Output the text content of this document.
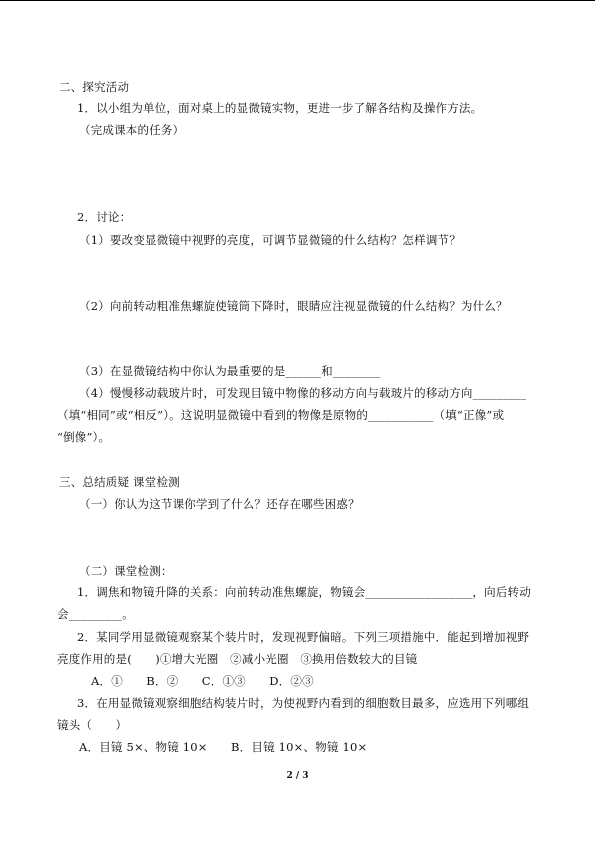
二、探究活动
1．以小组为单位，面对桌上的显微镜实物，更进一步了解各结构及操作方法。
（完成课本的任务）
2．讨论：
（1）要改变显微镜中视野的亮度，可调节显微镜的什么结构？怎样调节？
（2）向前转动粗准焦螺旋使镜筒下降时，眼睛应注视显微镜的什么结构？为什么？
（3）在显微镜结构中你认为最重要的是______和________
（4）慢慢移动载玻片时，可发现目镜中物像的移动方向与载玻片的移动方向_________
（填“相同”或“相反”）。这说明显微镜中看到的物像是原物的___________（填“正像”或
“倒像”）。
三、总结质疑 课堂检测
（一）你认为这节课你学到了什么？还存在哪些困惑？
（二）课堂检测：
1．调焦和物镜升降的关系：向前转动准焦螺旋，物镜会__________________，向后转动
会_________。
2．某同学用显微镜观察某个装片时，发现视野偏暗。下列三项措施中．能起到增加视野
亮度作用的是(　　)①增大光圈　②减小光圈　③换用倍数较大的目镜
A．①　　B．②　　C．①③　　D．②③
3．在用显微镜观察细胞结构装片时，为使视野内看到的细胞数目最多，应选用下列哪组
镜头（　　）
A．目镜 5×、物镜 10×　　B．目镜 10×、物镜 10×
2 / 3
